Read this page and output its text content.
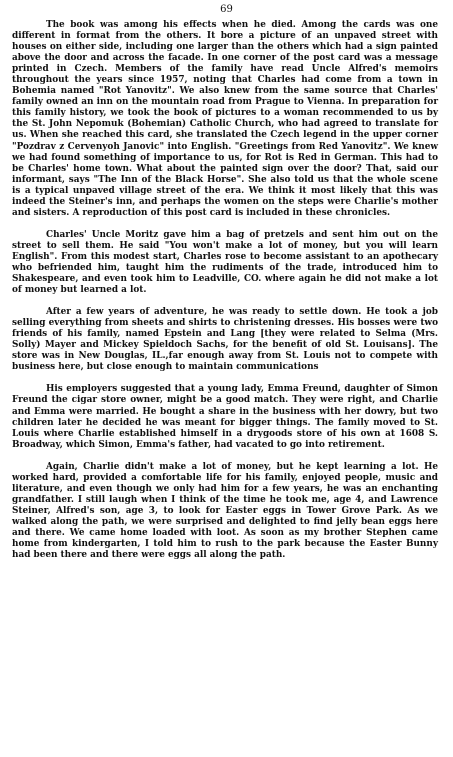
69

The book was among his effects when he died. Among the cards was one different in format from the others. It bore a picture of an unpaved street with houses on either side, including one larger than the others which had a sign painted above the door and across the facade. In one corner of the post card was a message printed in Czech. Members of the family have read Uncle Alfred's memoirs throughout the years since 1957, noting that Charles had come from a town in Bohemia named "Rot Yanovitz". We also knew from the same source that Charles' family owned an inn on the mountain road from Prague to Vienna. In preparation for this family history, we took the book of pictures to a woman recommended to us by the St. John Nepomuk (Bohemian) Catholic Church, who had agreed to translate for us. When she reached this card, she translated the Czech legend in the upper corner "Pozdrav z Cervenyoh Janovic" into English. "Greetings from Red Yanovitz". We knew we had found something of importance to us, for Rot is Red in German. This had to be Charles' home town. What about the painted sign over the door? That, said our informant, says "The Inn of the Black Horse". She also told us that the whole scene is a typical unpaved village street of the era. We think it most likely that this was indeed the Steiner's inn, and perhaps the women on the steps were Charlie's mother and sisters. A reproduction of this post card is included in these chronicles.

Charles' Uncle Moritz gave him a bag of pretzels and sent him out on the street to sell them. He said "You won't make a lot of money, but you will learn English". From this modest start, Charles rose to become assistant to an apothecary who befriended him, taught him the rudiments of the trade, introduced him to Shakespeare, and even took him to Leadville, CO. where again he did not make a lot of money but learned a lot.

After a few years of adventure, he was ready to settle down. He took a job selling everything from sheets and shirts to christening dresses. His bosses were two friends of his family, named Epstein and Lang [they were related to Selma (Mrs. Solly) Mayer and Mickey Spieldoch Sachs, for the benefit of old St. Louisans]. The store was in New Douglas, IL.,far enough away from St. Louis not to compete with business here, but close enough to maintain communications

His employers suggested that a young lady, Emma Freund, daughter of Simon Freund the cigar store owner, might be a good match. They were right, and Charlie and Emma were married. He bought a share in the business with her dowry, but two children later he decided he was meant for bigger things. The family moved to St. Louis where Charlie established himself in a drygoods store of his own at 1608 S. Broadway, which Simon, Emma's father, had vacated to go into retirement.

Again, Charlie didn't make a lot of money, but he kept learning a lot. He worked hard, provided a comfortable life for his family, enjoyed people, music and literature, and even though we only had him for a few years, he was an enchanting grandfather. I still laugh when I think of the time he took me, age 4, and Lawrence Steiner, Alfred's son, age 3, to look for Easter eggs in Tower Grove Park. As we walked along the path, we were surprised and delighted to find jelly bean eggs here and there. We came home loaded with loot. As soon as my brother Stephen came home from kindergarten, I told him to rush to the park because the Easter Bunny had been there and there were eggs all along the path.
